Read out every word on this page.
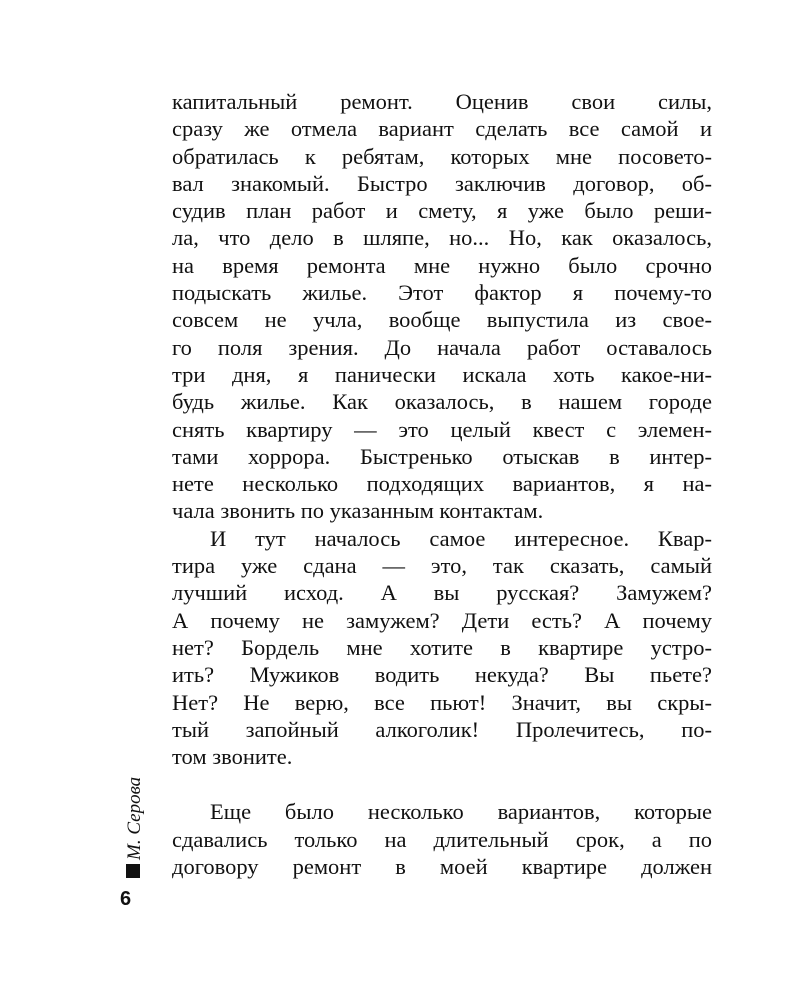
капитальный ремонт. Оценив свои силы,
сразу же отмела вариант сделать все самой и
обратилась к ребятам, которых мне посовето-
вал знакомый. Быстро заключив договор, об-
судив план работ и смету, я уже было реши-
ла, что дело в шляпе, но... Но, как оказалось,
на время ремонта мне нужно было срочно
подыскать жилье. Этот фактор я почему-то
совсем не учла, вообще выпустила из свое-
го поля зрения. До начала работ оставалось
три дня, я панически искала хоть какое-ни-
будь жилье. Как оказалось, в нашем городе
снять квартиру — это целый квест с элемен-
тами хоррора. Быстренько отыскав в интер-
нете несколько подходящих вариантов, я на-
чала звонить по указанным контактам.
И тут началось самое интересное. Квар-
тира уже сдана — это, так сказать, самый
лучший исход. А вы русская? Замужем?
А почему не замужем? Дети есть? А почему
нет? Бордель мне хотите в квартире устро-
ить? Мужиков водить некуда? Вы пьете?
Нет? Не верю, все пьют! Значит, вы скры-
тый запойный алкоголик! Пролечитесь, по-
том звоните.
Еще было несколько вариантов, которые
сдавались только на длительный срок, а по
договору ремонт в моей квартире должен
М. Серова
6
